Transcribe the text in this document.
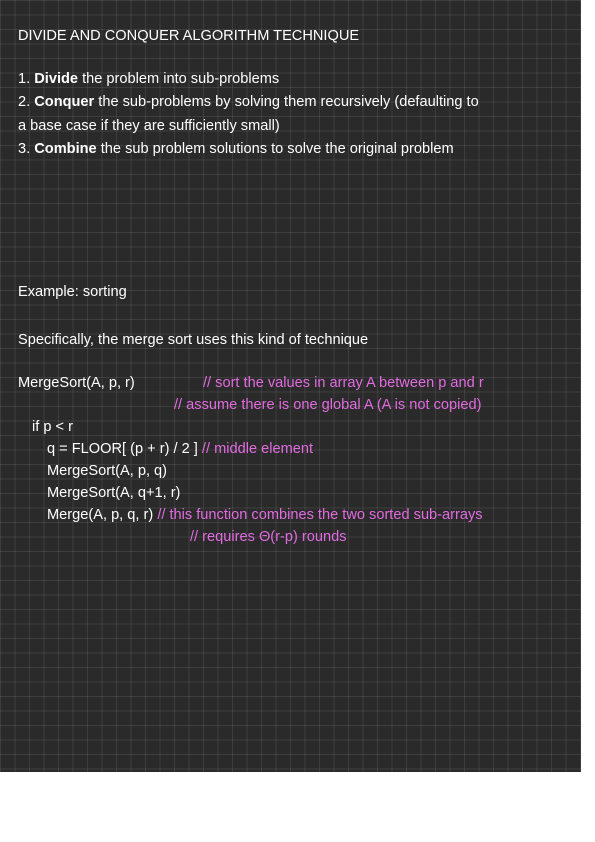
DIVIDE AND CONQUER ALGORITHM TECHNIQUE
1. Divide the problem into sub-problems
2. Conquer the sub-problems by solving them recursively (defaulting to
a base case if they are sufficiently small)
3. Combine the sub problem solutions to solve the original problem
Example: sorting
Specifically, the merge sort uses this kind of technique
MergeSort(A, p, r)	// sort the values in array A between p and r
// assume there is one global A (A is not copied)
if p < r
q = FLOOR[ (p + r) / 2 ] // middle element
MergeSort(A, p, q)
MergeSort(A, q+1, r)
Merge(A, p, q, r) // this function combines the two sorted sub-arrays
// requires Θ(r-p) rounds
